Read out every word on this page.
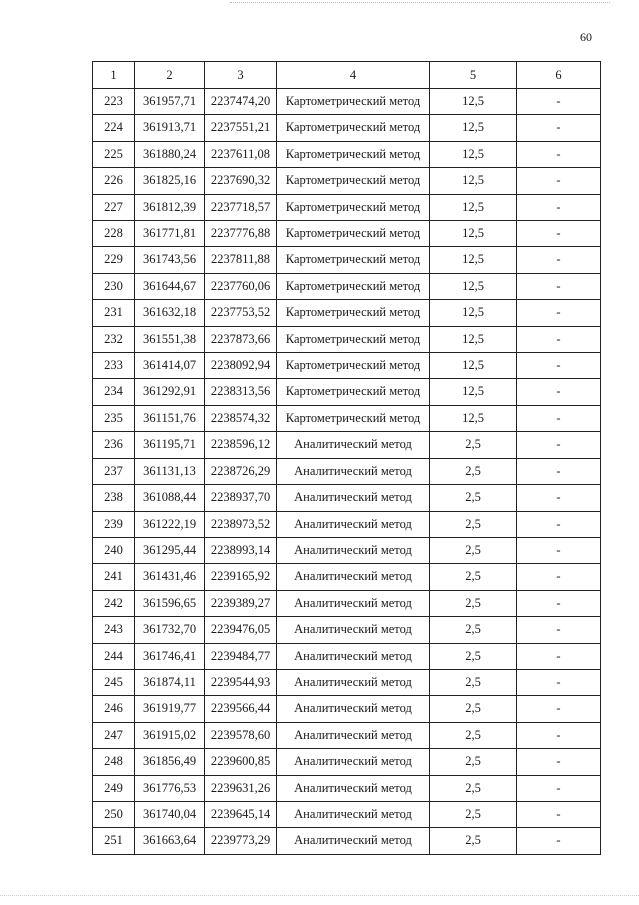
60
1	2	3	4	5	6
223	361957,71	2237474,20	Картометрический метод	12,5	-
224	361913,71	2237551,21	Картометрический метод	12,5	-
225	361880,24	2237611,08	Картометрический метод	12,5	-
226	361825,16	2237690,32	Картометрический метод	12,5	-
227	361812,39	2237718,57	Картометрический метод	12,5	-
228	361771,81	2237776,88	Картометрический метод	12,5	-
229	361743,56	2237811,88	Картометрический метод	12,5	-
230	361644,67	2237760,06	Картометрический метод	12,5	-
231	361632,18	2237753,52	Картометрический метод	12,5	-
232	361551,38	2237873,66	Картометрический метод	12,5	-
233	361414,07	2238092,94	Картометрический метод	12,5	-
234	361292,91	2238313,56	Картометрический метод	12,5	-
235	361151,76	2238574,32	Картометрический метод	12,5	-
236	361195,71	2238596,12	Аналитический метод	2,5	-
237	361131,13	2238726,29	Аналитический метод	2,5	-
238	361088,44	2238937,70	Аналитический метод	2,5	-
239	361222,19	2238973,52	Аналитический метод	2,5	-
240	361295,44	2238993,14	Аналитический метод	2,5	-
241	361431,46	2239165,92	Аналитический метод	2,5	-
242	361596,65	2239389,27	Аналитический метод	2,5	-
243	361732,70	2239476,05	Аналитический метод	2,5	-
244	361746,41	2239484,77	Аналитический метод	2,5	-
245	361874,11	2239544,93	Аналитический метод	2,5	-
246	361919,77	2239566,44	Аналитический метод	2,5	-
247	361915,02	2239578,60	Аналитический метод	2,5	-
248	361856,49	2239600,85	Аналитический метод	2,5	-
249	361776,53	2239631,26	Аналитический метод	2,5	-
250	361740,04	2239645,14	Аналитический метод	2,5	-
251	361663,64	2239773,29	Аналитический метод	2,5	-
